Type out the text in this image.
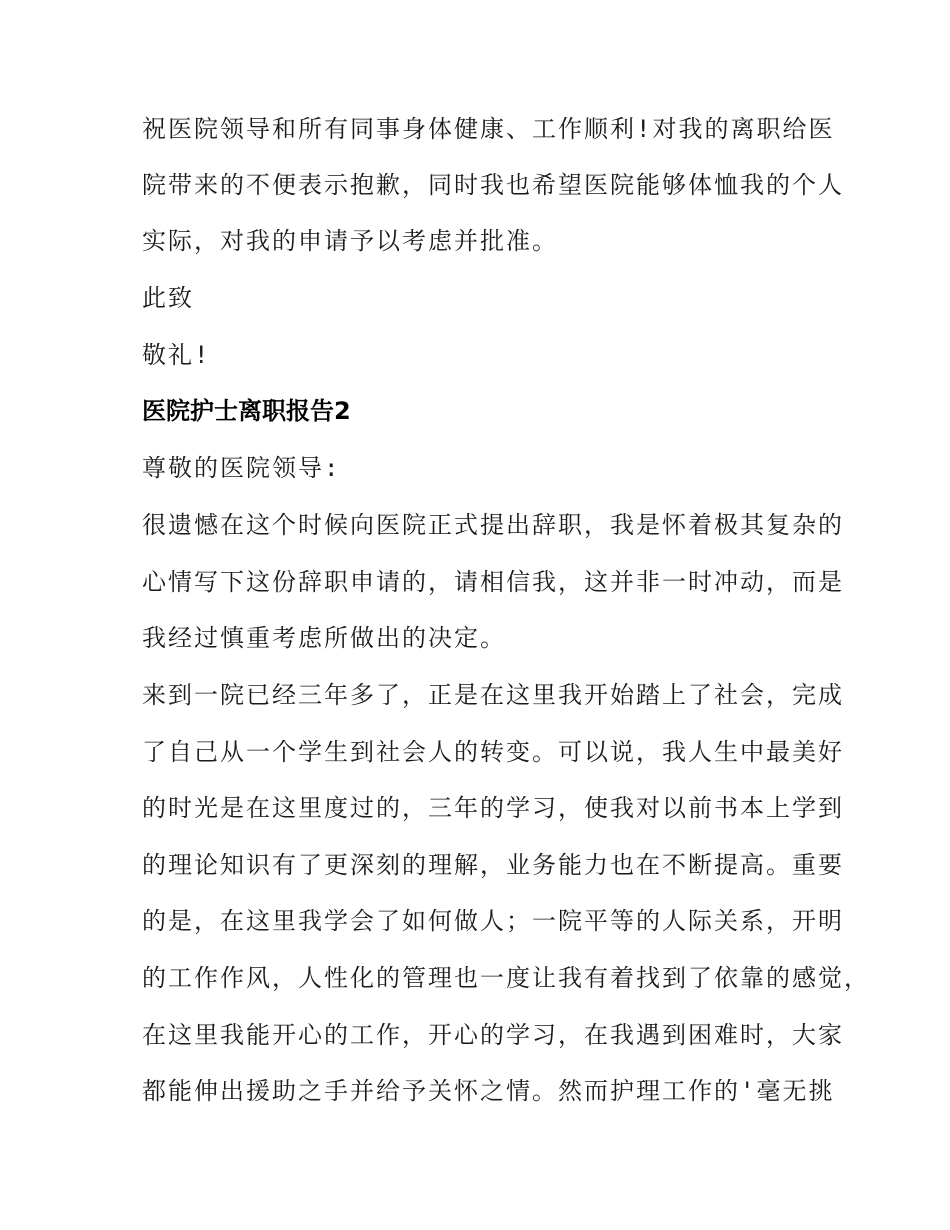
祝医院领导和所有同事身体健康、工作顺利!对我的离职给医
院带来的不便表示抱歉，同时我也希望医院能够体恤我的个人
实际，对我的申请予以考虑并批准。
此致
敬礼!
医院护士离职报告2
尊敬的医院领导:
很遗憾在这个时候向医院正式提出辞职，我是怀着极其复杂的
心情写下这份辞职申请的，请相信我，这并非一时冲动，而是
我经过慎重考虑所做出的决定。
来到一院已经三年多了，正是在这里我开始踏上了社会，完成
了自己从一个学生到社会人的转变。可以说，我人生中最美好
的时光是在这里度过的，三年的学习，使我对以前书本上学到
的理论知识有了更深刻的理解，业务能力也在不断提高。重要
的是，在这里我学会了如何做人；一院平等的人际关系，开明
的工作作风，人性化的管理也一度让我有着找到了依靠的感觉，
在这里我能开心的工作，开心的学习，在我遇到困难时，大家
都能伸出援助之手并给予关怀之情。然而护理工作的'毫无挑
